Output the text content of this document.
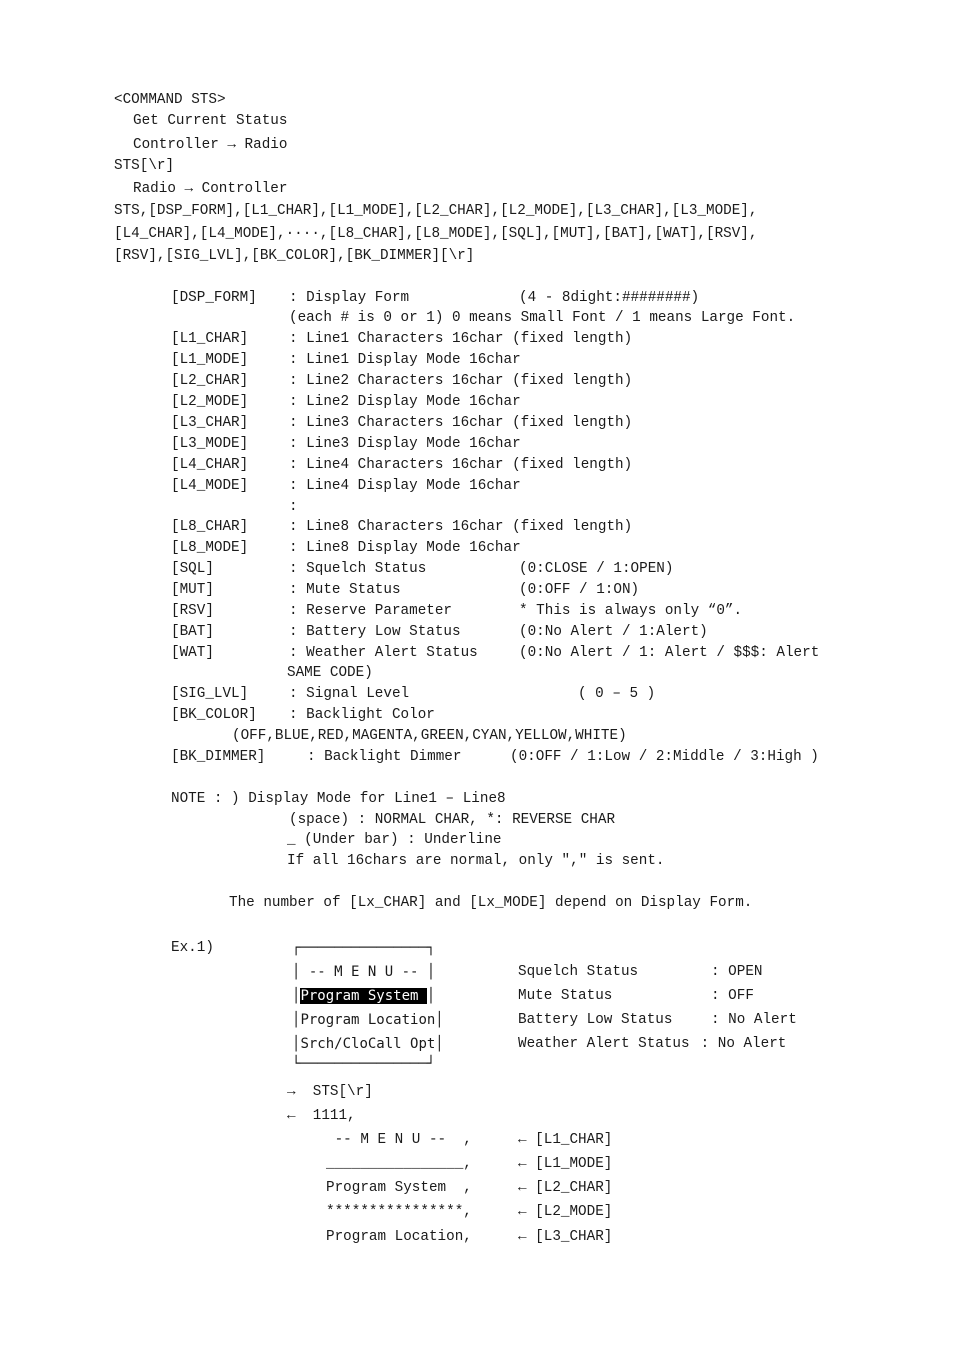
<COMMAND STS>
Get Current Status
Controller → Radio
STS[\r]
Radio → Controller
STS,[DSP_FORM],[L1_CHAR],[L1_MODE],[L2_CHAR],[L2_MODE],[L3_CHAR],[L3_MODE],
[L4_CHAR],[L4_MODE],····,[L8_CHAR],[L8_MODE],[SQL],[MUT],[BAT],[WAT],[RSV],
[RSV],[SIG_LVL],[BK_COLOR],[BK_DIMMER][\r]
[DSP_FORM] : Display Form	(4 - 8dight:########)
(each # is 0 or 1) 0 means Small Font / 1 means Large Font.
[L1_CHAR]	: Line1 Characters 16char (fixed length)
[L1_MODE]	: Line1 Display Mode 16char
[L2_CHAR]	: Line2 Characters 16char (fixed length)
[L2_MODE]	: Line2 Display Mode 16char
[L3_CHAR]	: Line3 Characters 16char (fixed length)
[L3_MODE]	: Line3 Display Mode 16char
[L4_CHAR]	: Line4 Characters 16char (fixed length)
[L4_MODE]	: Line4 Display Mode 16char
:
[L8_CHAR]	: Line8 Characters 16char (fixed length)
[L8_MODE]	: Line8 Display Mode 16char
[SQL]	: Squelch Status	(0:CLOSE / 1:OPEN)
[MUT]	: Mute Status	(0:OFF / 1:ON)
[RSV]	: Reserve Parameter	* This is always only “0”.
[BAT]	: Battery Low Status	(0:No Alert / 1:Alert)
[WAT]	: Weather Alert Status	(0:No Alert / 1: Alert / $$$: Alert
SAME CODE)
[SIG_LVL]	: Signal Level	( 0 – 5 )
[BK_COLOR] : Backlight Color
(OFF,BLUE,RED,MAGENTA,GREEN,CYAN,YELLOW,WHITE)
[BK_DIMMER]	: Backlight Dimmer	(0:OFF / 1:Low / 2:Middle / 3:High )
NOTE : ) Display Mode for Line1 – Line8
(space) : NORMAL CHAR, *: REVERSE CHAR
_ (Under bar) : Underline
If all 16chars are normal, only "," is sent.
The number of [Lx_CHAR] and [Lx_MODE] depend on Display Form.
Ex.1)	┌───────────────┐
│ -- M E N U -- │
│Program System │
│Program Location│
│Srch/CloCall Opt│
└───────────────┘
Squelch Status : OPEN
Mute Status : OFF
Battery Low Status : No Alert
Weather Alert Status : No Alert
→  STS[\r]
←  1111,
-- M E N U --  ,	← [L1_CHAR]
________________,	← [L1_MODE]
Program System  ,	← [L2_CHAR]
****************,	← [L2_MODE]
Program Location,	← [L3_CHAR]
